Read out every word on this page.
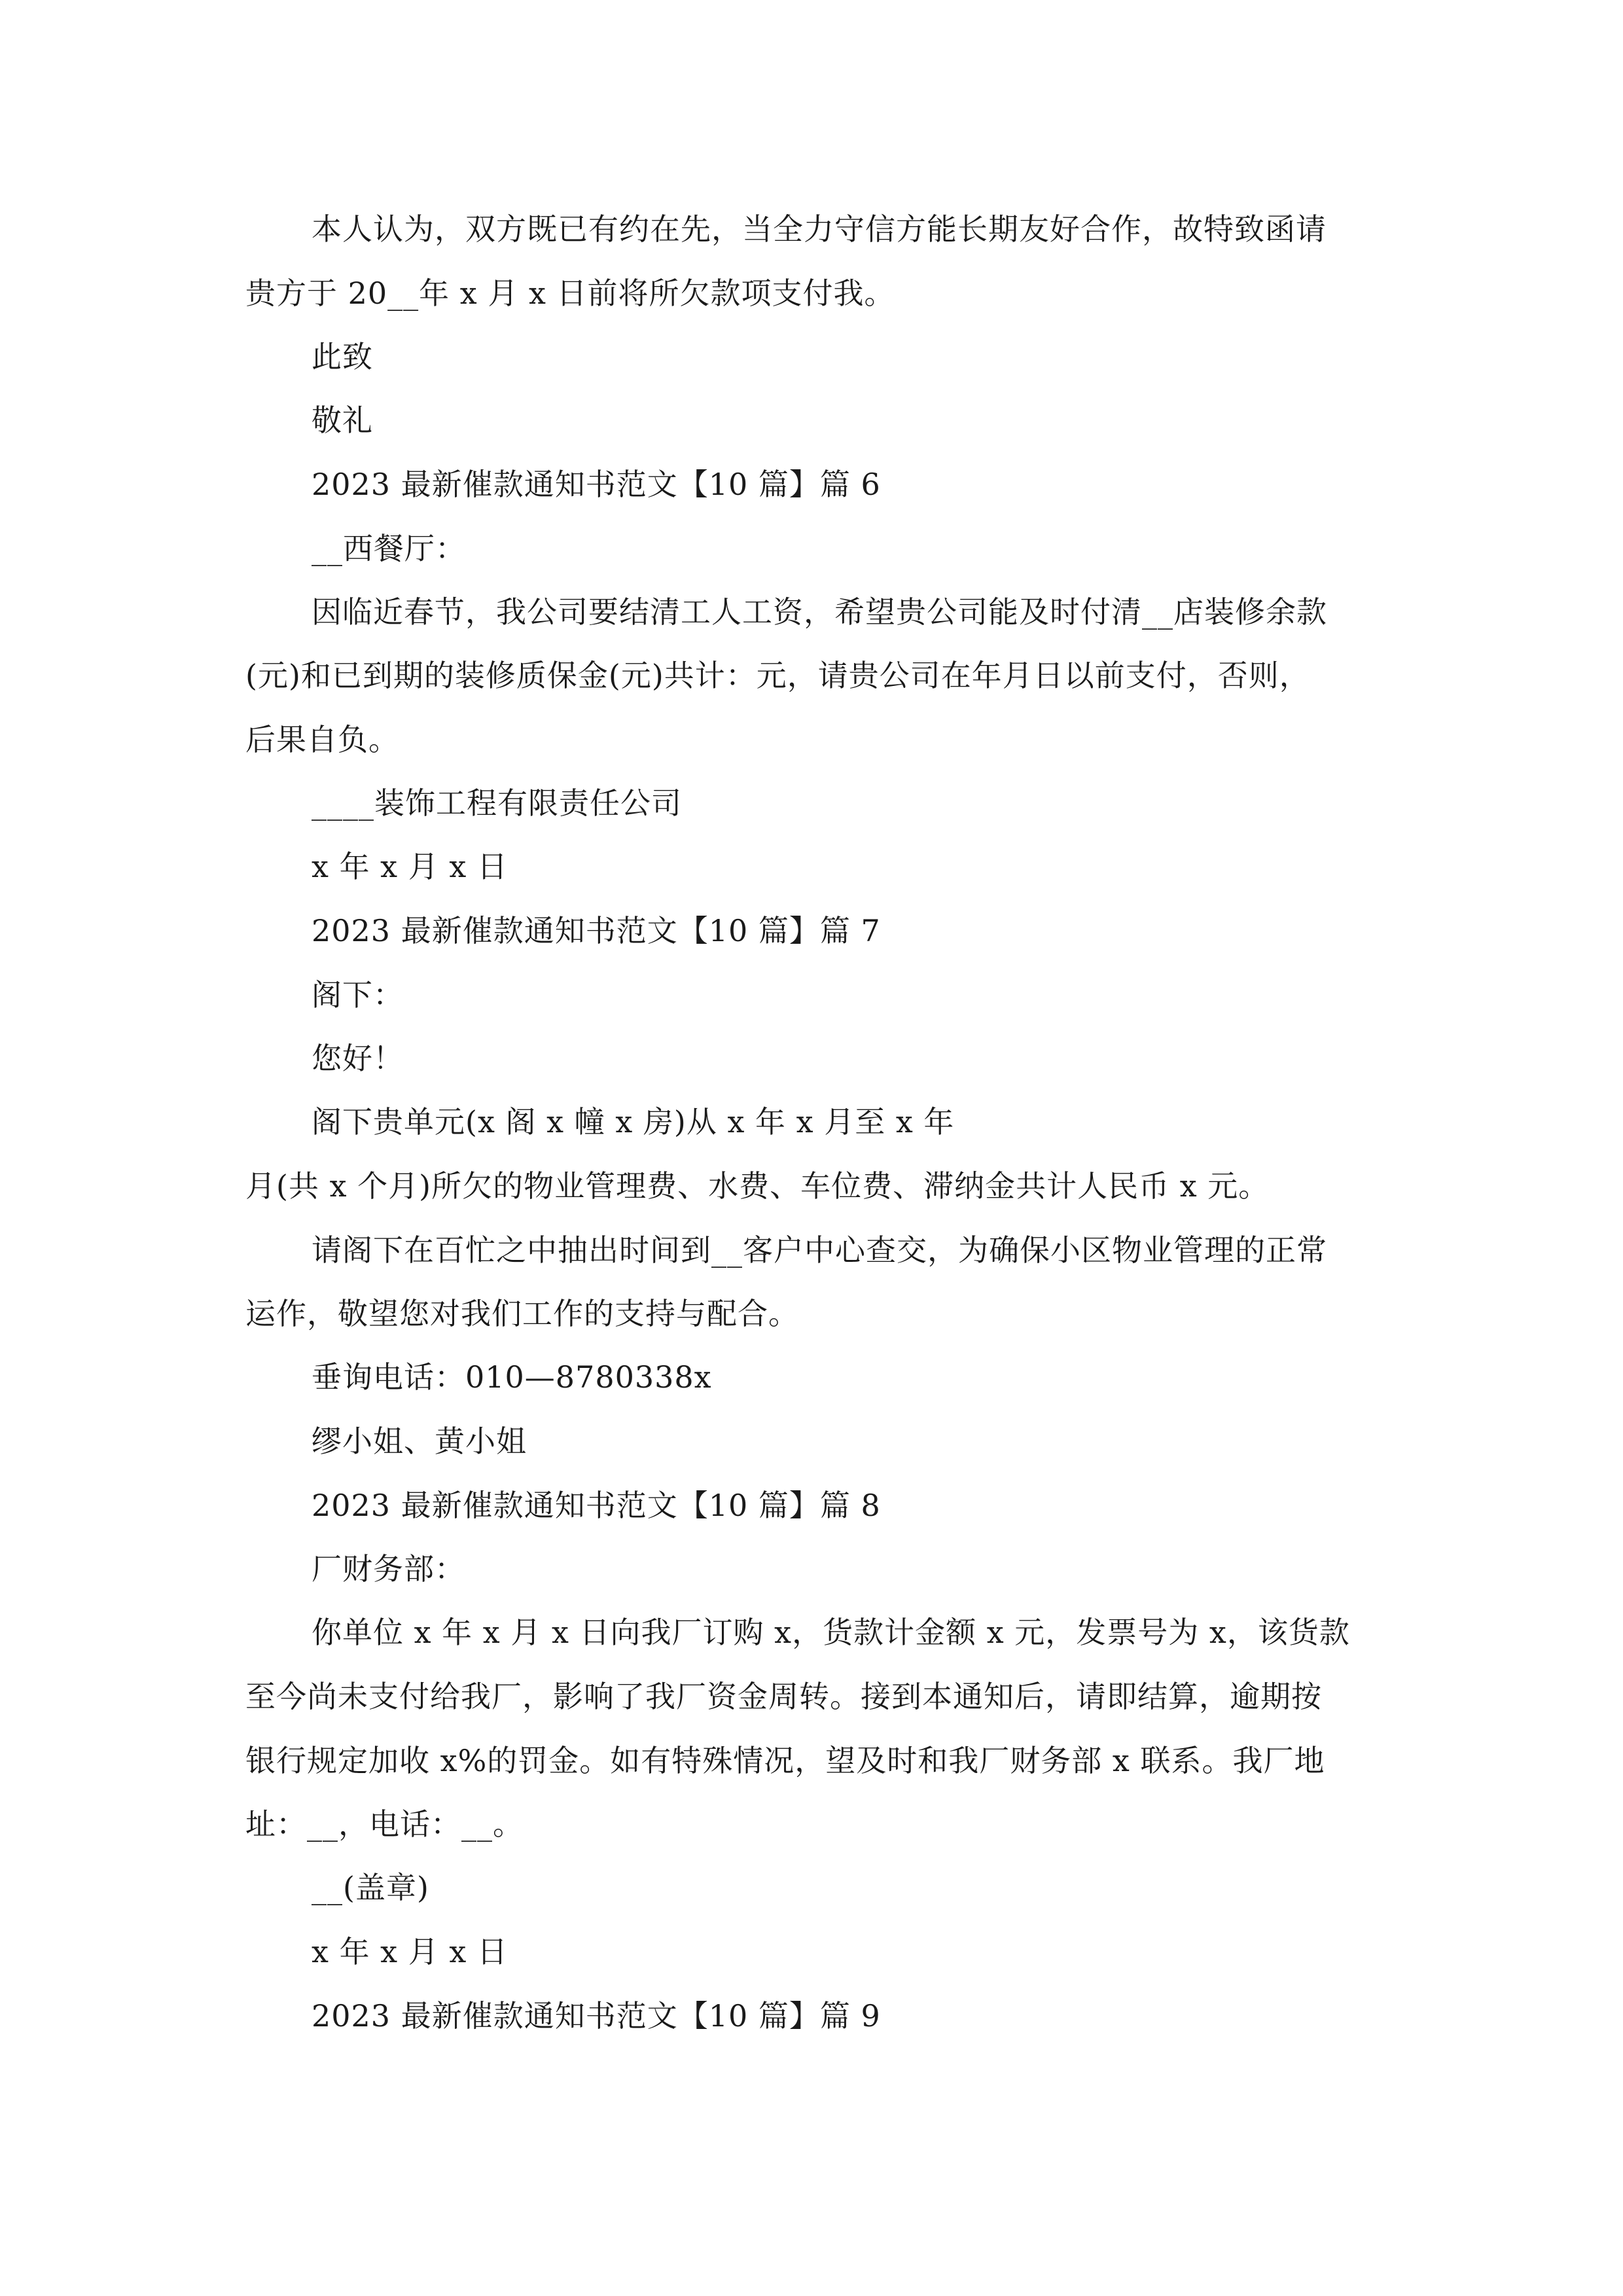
本人认为，双方既已有约在先，当全力守信方能长期友好合作，故特致函请
贵方于 20__年 x 月 x 日前将所欠款项支付我。
此致
敬礼
2023 最新催款通知书范文【10 篇】篇 6
__西餐厅：
因临近春节，我公司要结清工人工资，希望贵公司能及时付清__店装修余款
(元)和已到期的装修质保金(元)共计：元，请贵公司在年月日以前支付，否则，
后果自负。
____装饰工程有限责任公司
x 年 x 月 x 日
2023 最新催款通知书范文【10 篇】篇 7
阁下：
您好！
阁下贵单元(x 阁 x 幢 x 房)从 x 年 x 月至 x 年
月(共 x 个月)所欠的物业管理费、水费、车位费、滞纳金共计人民币 x 元。
请阁下在百忙之中抽出时间到__客户中心查交，为确保小区物业管理的正常
运作，敬望您对我们工作的支持与配合。
垂询电话：010—8780338x
缪小姐、黄小姐
2023 最新催款通知书范文【10 篇】篇 8
厂财务部：
你单位 x 年 x 月 x 日向我厂订购 x，货款计金额 x 元，发票号为 x，该货款
至今尚未支付给我厂，影响了我厂资金周转。接到本通知后，请即结算，逾期按
银行规定加收 x%的罚金。如有特殊情况，望及时和我厂财务部 x 联系。我厂地
址：__，电话：__。
__(盖章)
x 年 x 月 x 日
2023 最新催款通知书范文【10 篇】篇 9
